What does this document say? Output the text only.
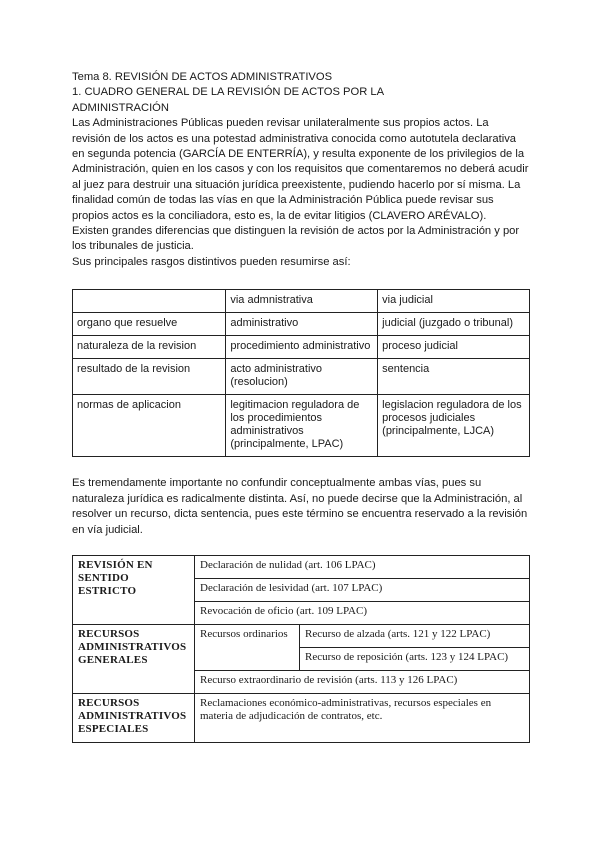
Tema 8. REVISIÓN DE ACTOS ADMINISTRATIVOS
1. CUADRO GENERAL DE LA REVISIÓN DE ACTOS POR LA
ADMINISTRACIÓN

Las Administraciones Públicas pueden revisar unilateralmente sus propios actos. La revisión de los actos es una potestad administrativa conocida como autotutela declarativa en segunda potencia (GARCÍA DE ENTERRÍA), y resulta exponente de los privilegios de la Administración, quien en los casos y con los requisitos que comentaremos no deberá acudir al juez para destruir una situación jurídica preexistente, pudiendo hacerlo por sí misma. La finalidad común de todas las vías en que la Administración Pública puede revisar sus propios actos es la conciliadora, esto es, la de evitar litigios (CLAVERO ARÉVALO).

Existen grandes diferencias que distinguen la revisión de actos por la Administración y por los tribunales de justicia.

Sus principales rasgos distintivos pueden resumirse así:

	via admnistrativa	via judicial
organo que resuelve	administrativo	judicial (juzgado o tribunal)
naturaleza de la revision	procedimiento administrativo	proceso judicial
resultado de la revision	acto administrativo (resolucion)	sentencia
normas de aplicacion	legitimacion reguladora de los procedimientos administrativos (principalmente, LPAC)	legislacion reguladora de los procesos judiciales (principalmente, LJCA)

Es tremendamente importante no confundir conceptualmente ambas vías, pues su naturaleza jurídica es radicalmente distinta. Así, no puede decirse que la Administración, al resolver un recurso, dicta sentencia, pues este término se encuentra reservado a la revisión en vía judicial.

REVISIÓN EN SENTIDO ESTRICTO	Declaración de nulidad (art. 106 LPAC)	
	Declaración de lesividad (art. 107 LPAC)	
	Revocación de oficio (art. 109 LPAC)	
RECURSOS ADMINISTRATIVOS GENERALES	Recursos ordinarios	Recurso de alzada (arts. 121 y 122 LPAC)
		Recurso de reposición (arts. 123 y 124 LPAC)
	Recurso extraordinario de revisión (arts. 113 y 126 LPAC)	
RECURSOS ADMINISTRATIVOS ESPECIALES	Reclamaciones económico-administrativas, recursos especiales en materia de adjudicación de contratos, etc.	
